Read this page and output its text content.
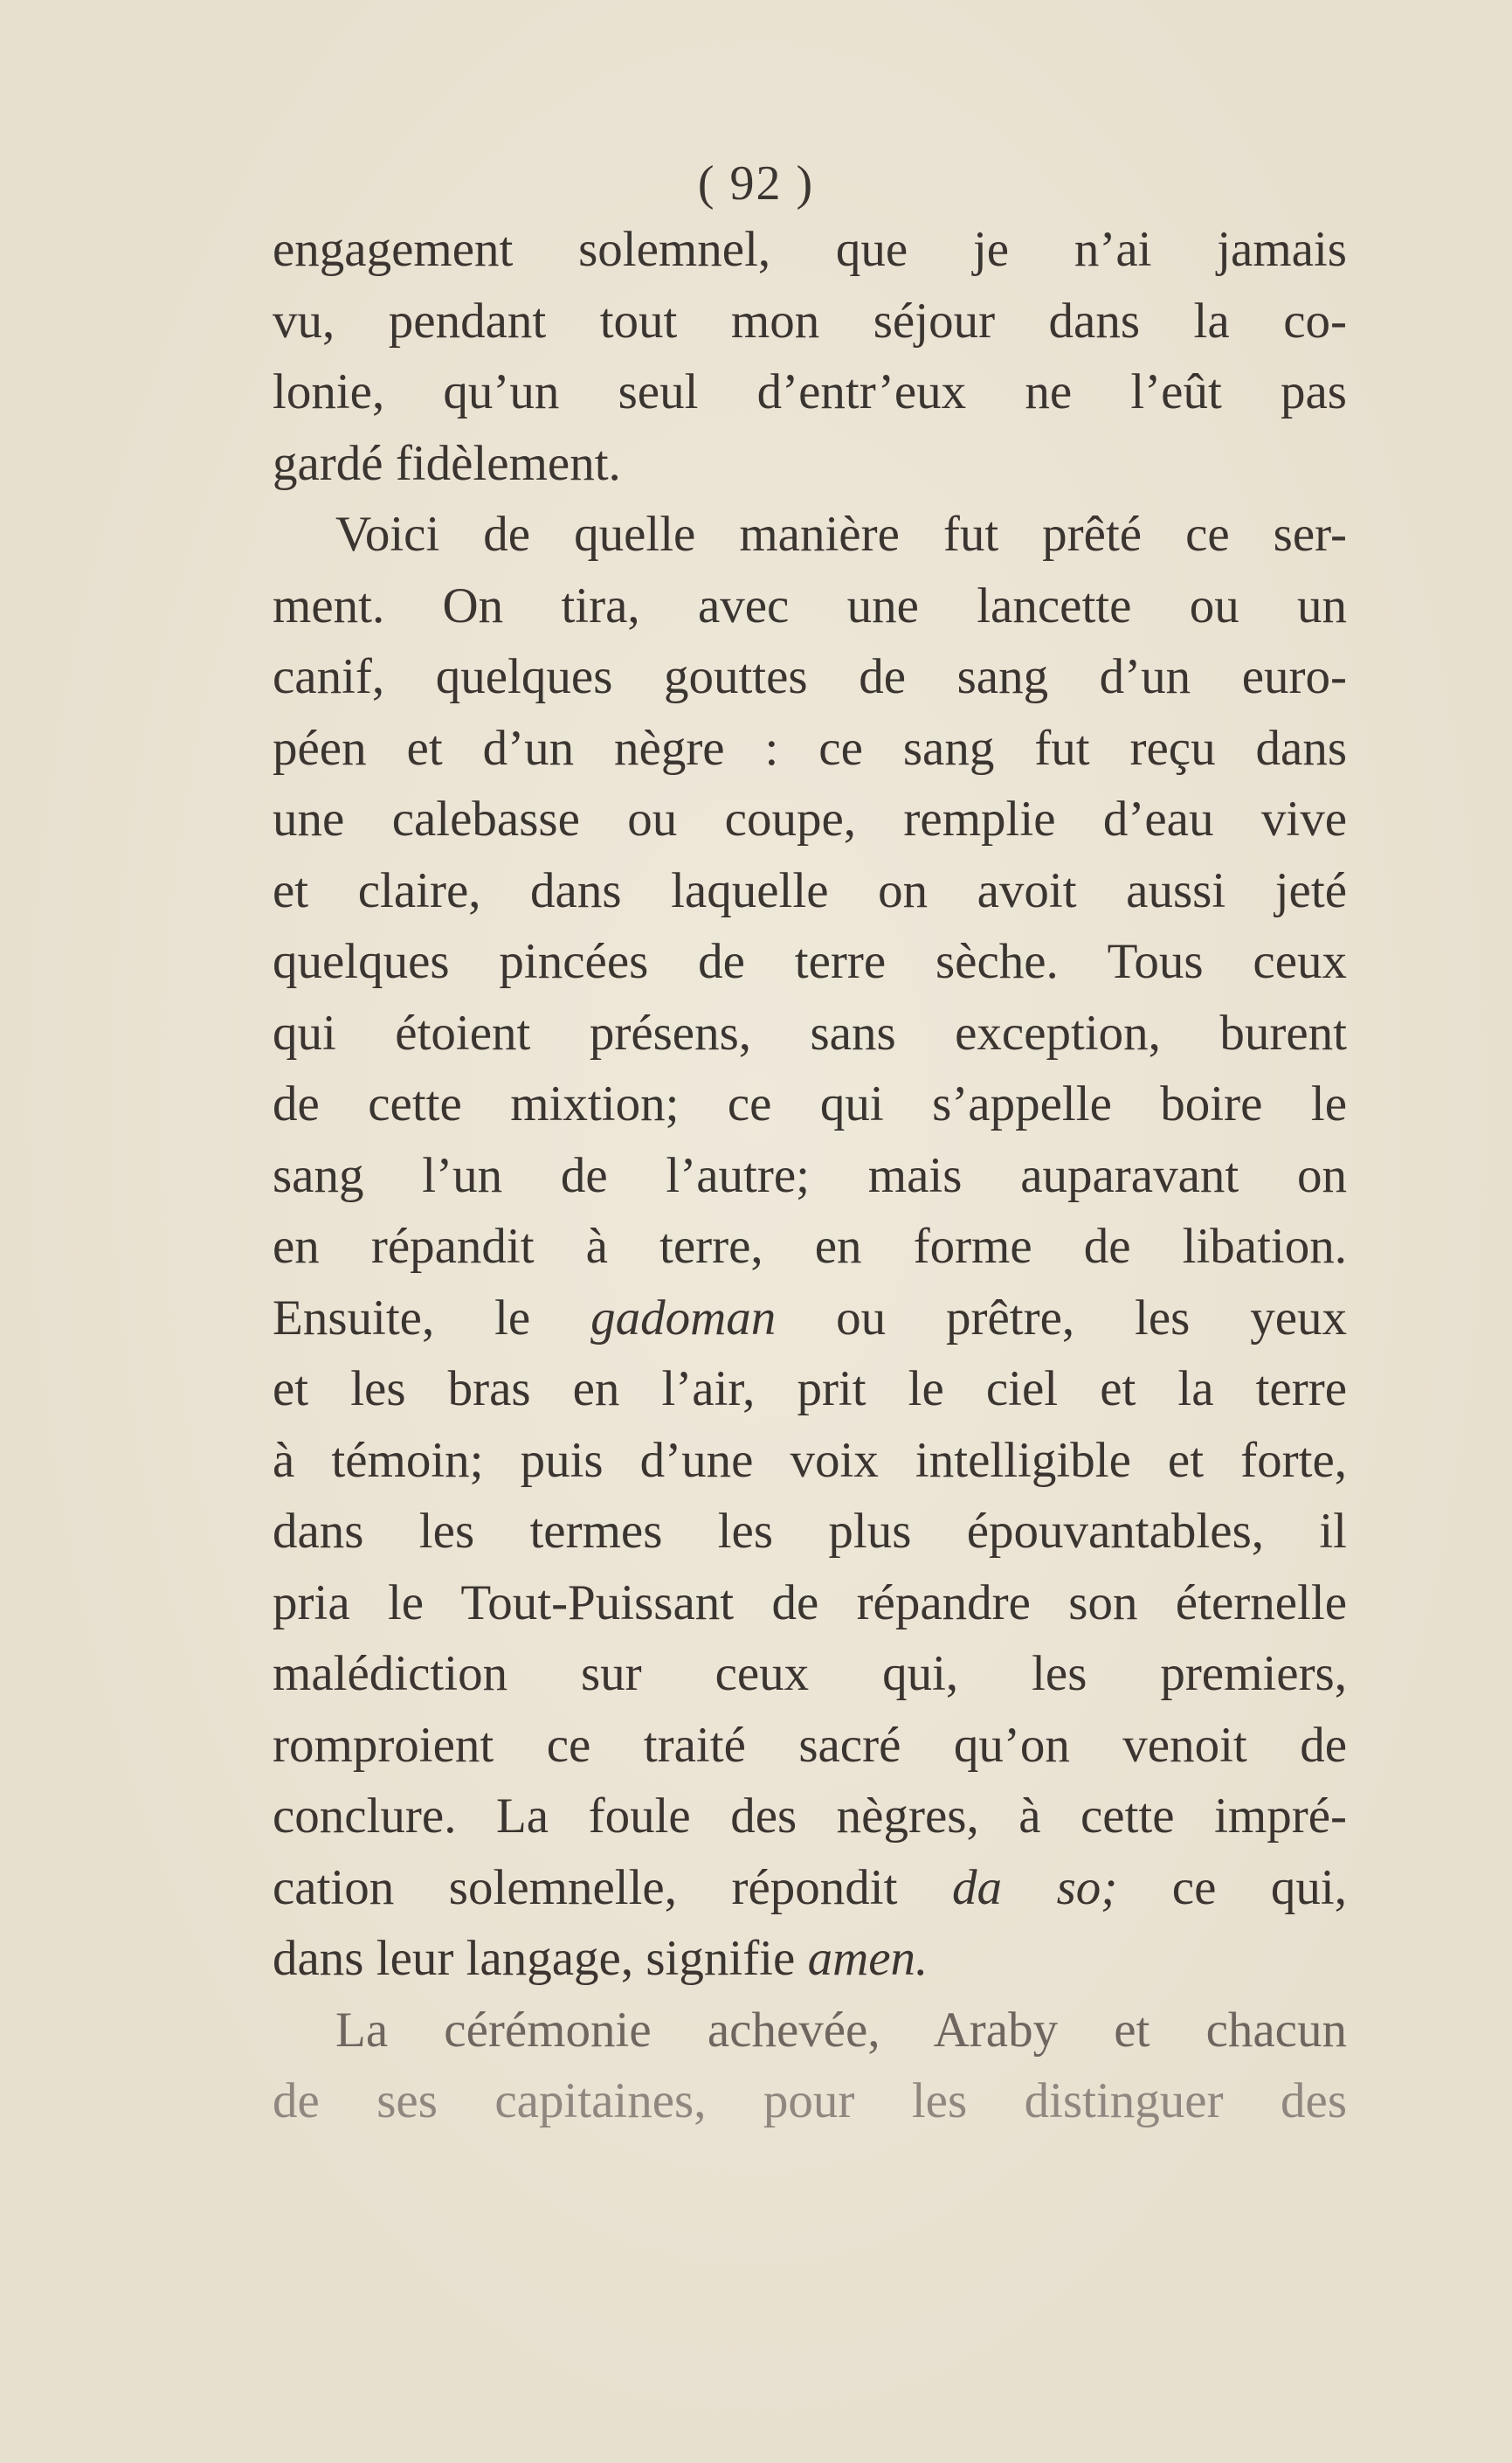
( 92 )
engagement solemnel, que je n’ai jamais
vu, pendant tout mon séjour dans la co-
lonie, qu’un seul d’entr’eux ne l’eût pas
gardé fidèlement.
Voici de quelle manière fut prêté ce ser-
ment. On tira, avec une lancette ou un
canif, quelques gouttes de sang d’un euro-
péen et d’un nègre : ce sang fut reçu dans
une calebasse ou coupe, remplie d’eau vive
et claire, dans laquelle on avoit aussi jeté
quelques pincées de terre sèche. Tous ceux
qui étoient présens, sans exception, burent
de cette mixtion; ce qui s’appelle boire le
sang l’un de l’autre; mais auparavant on
en répandit à terre, en forme de libation.
Ensuite, le gadoman ou prêtre, les yeux
et les bras en l’air, prit le ciel et la terre
à témoin; puis d’une voix intelligible et forte,
dans les termes les plus épouvantables, il
pria le Tout-Puissant de répandre son éternelle
malédiction sur ceux qui, les premiers,
romproient ce traité sacré qu’on venoit de
conclure. La foule des nègres, à cette impré-
cation solemnelle, répondit da so; ce qui,
dans leur langage, signifie amen.
La cérémonie achevée, Araby et chacun
de ses capitaines, pour les distinguer des
